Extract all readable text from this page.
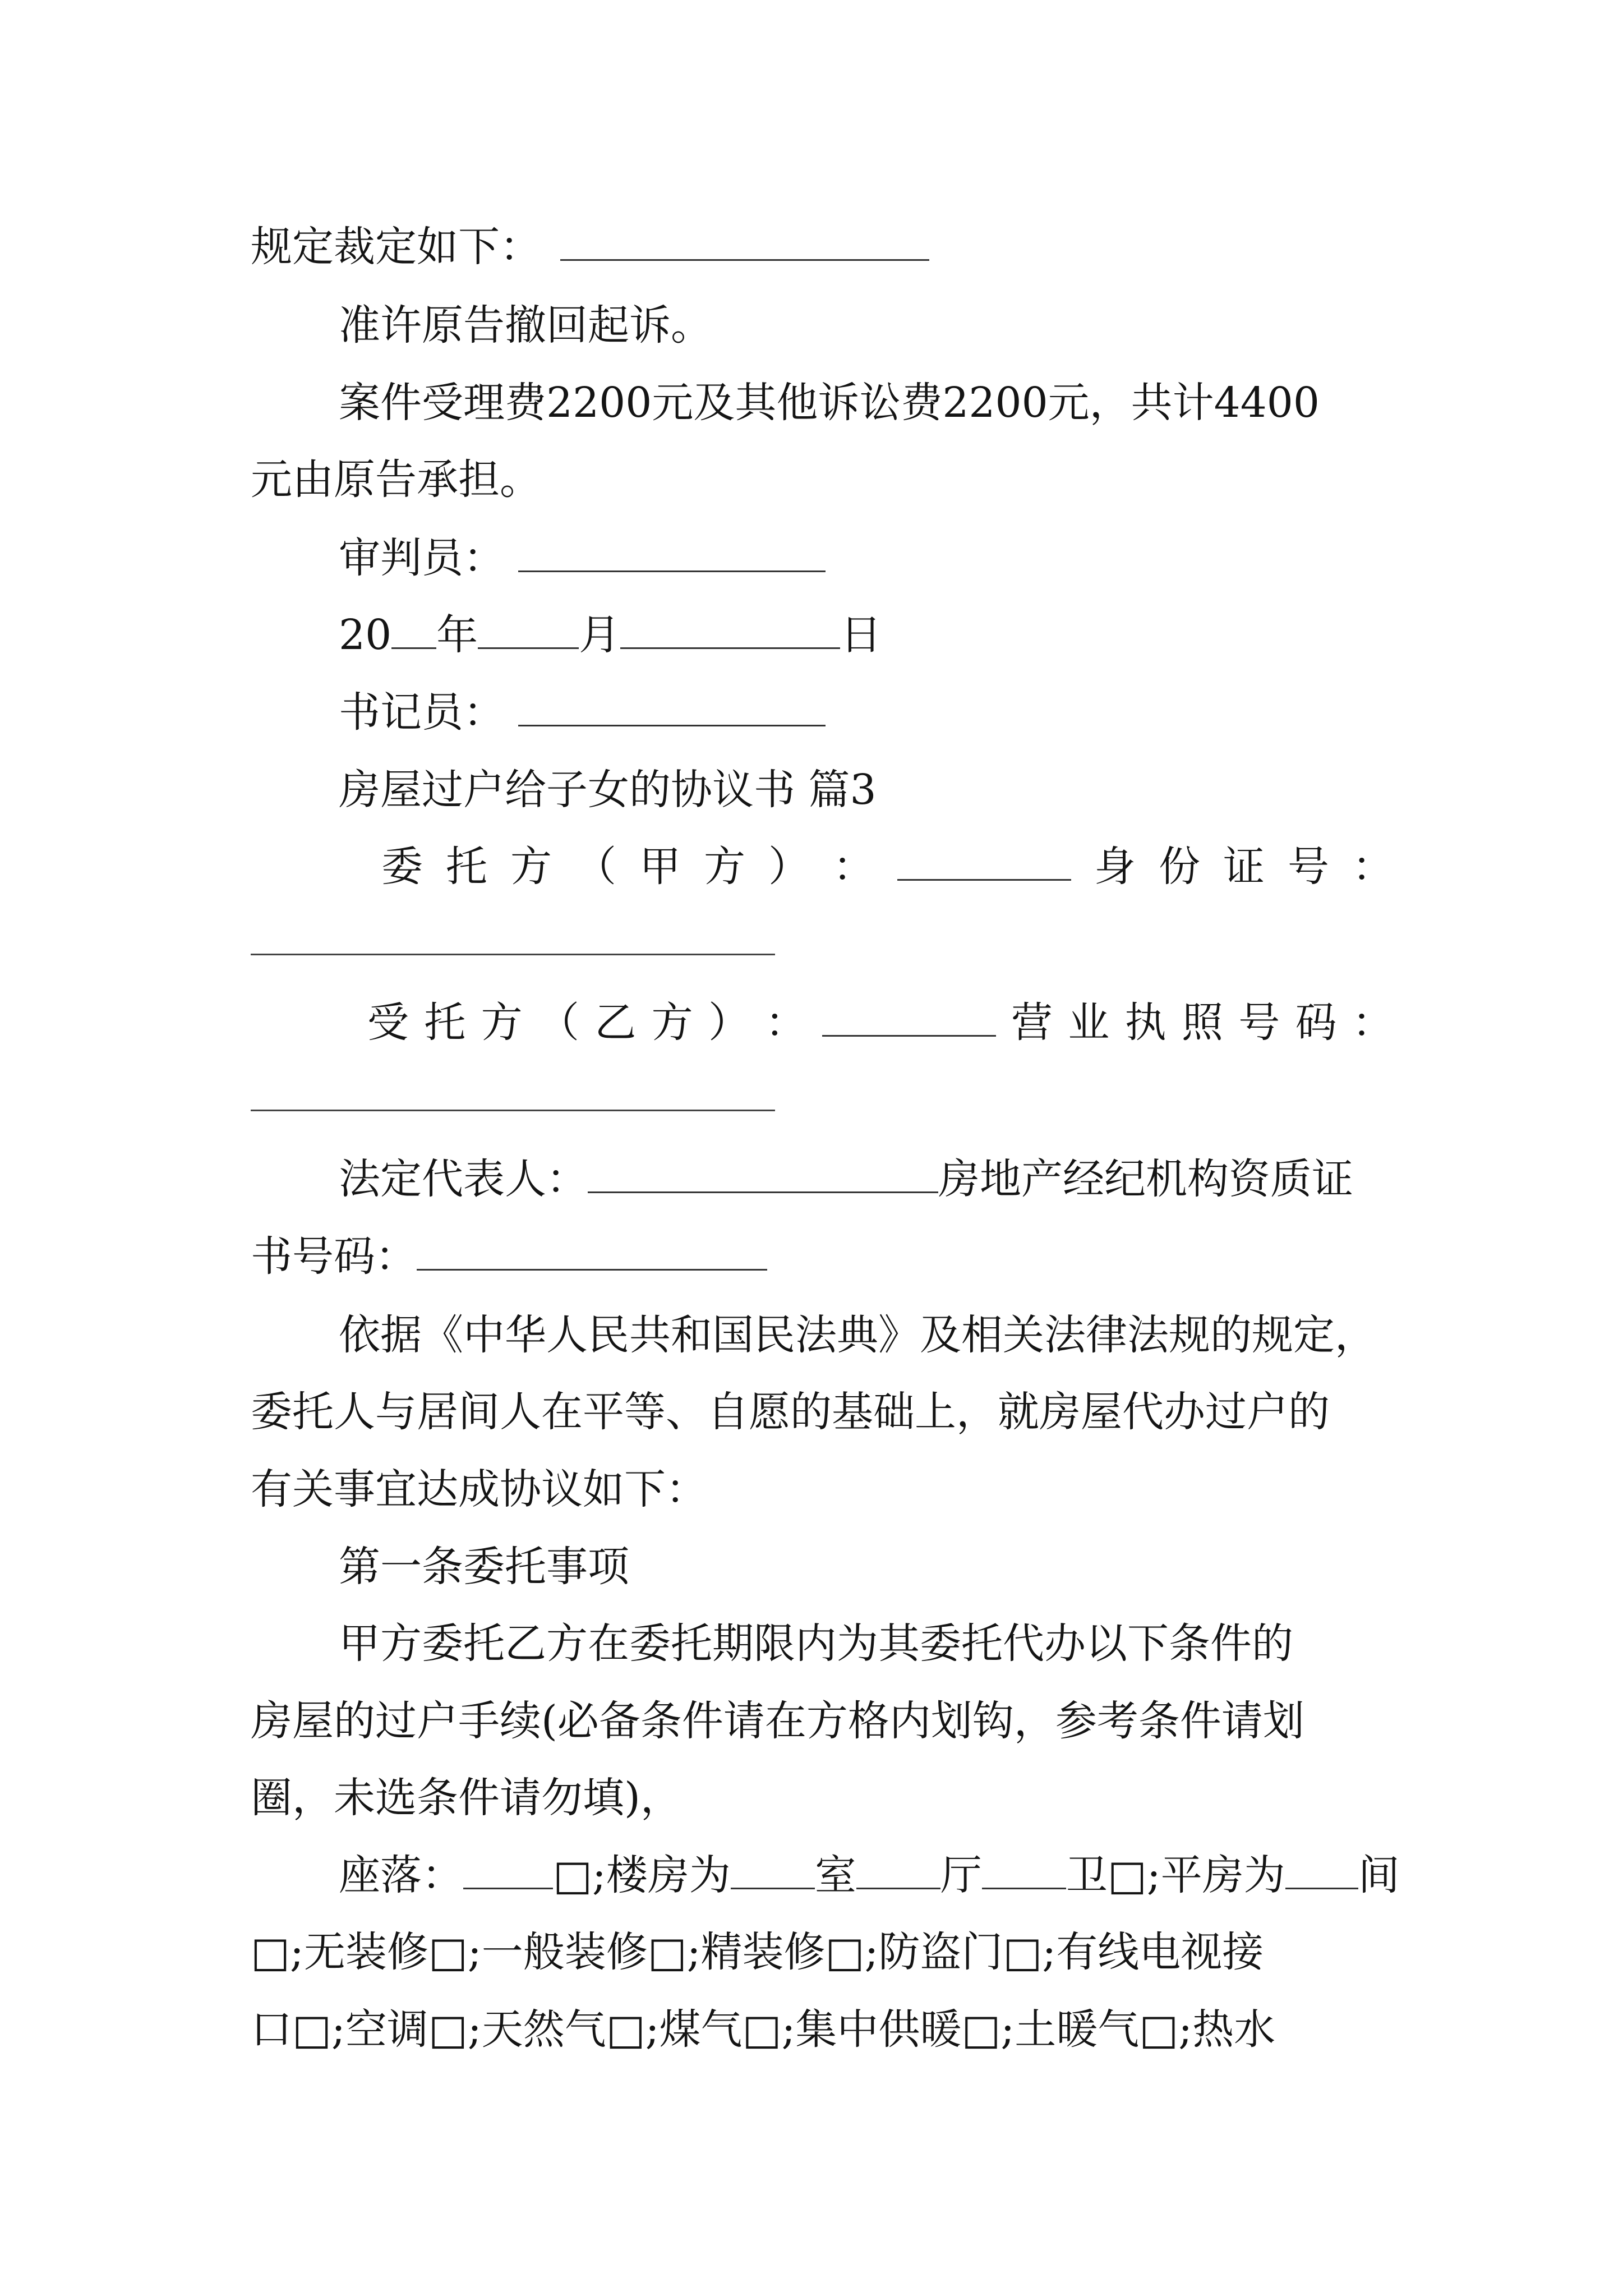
规定裁定如下：

准许原告撤回起诉。

案件受理费2200元及其他诉讼费2200元，共计4400

元由原告承担。

审判员：

20 年 月	日

书记员：

房屋过户给子女的协议书 篇3

委 托 方 （ 甲 方 ） ：	身 份 证 号 ：
受 托 方 （ 乙 方 ） ：	营 业 执 照 号 码 ：

法定代表人：	房地产经纪机构资质证

书号码：

依据《中华人民共和国民法典》及相关法律法规的规定，

委托人与居间人在平等、自愿的基础上，就房屋代办过户的

有关事宜达成协议如下：

第一条委托事项

甲方委托乙方在委托期限内为其委托代办以下条件的

房屋的过户手续(必备条件请在方格内划钩，参考条件请划

圈，未选条件请勿填)，

座落： □;楼房为 室 厅 卫□;平房为 间

□;无装修□;一般装修□;精装修□;防盗门□;有线电视接

口□;空调□;天然气□;煤气□;集中供暖□;土暖气□;热水
